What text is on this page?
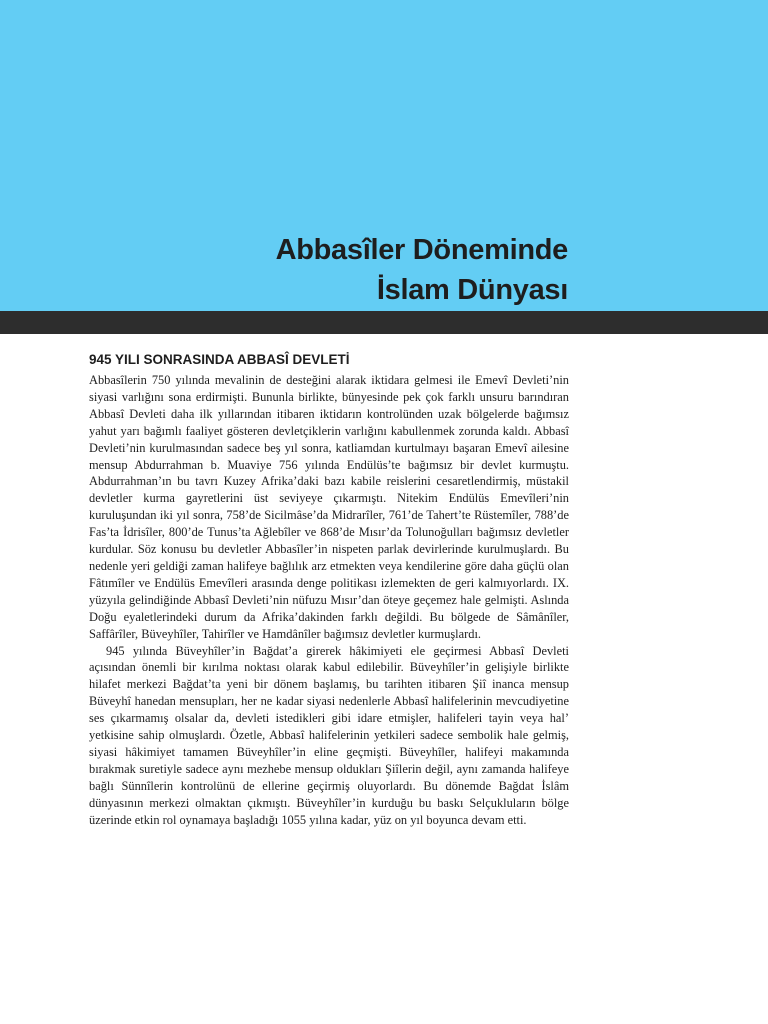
Abbasîler Döneminde
İslam Dünyası
945 YILI SONRASINDA ABBASÎ DEVLETİ

Abbasîlerin 750 yılında mevalinin de desteğini alarak iktidara gelmesi ile Emevî Devleti’nin siyasi varlığını sona erdirmişti. Bununla birlikte, bünyesinde pek çok farklı unsuru barındıran Abbasî Devleti daha ilk yıllarından itibaren iktidarın kontrolünden uzak bölgelerde bağımsız yahut yarı bağımlı faaliyet gösteren devletçiklerin varlığını kabullenmek zorunda kaldı. Abbasî Devleti’nin kurulmasından sadece beş yıl sonra, katliamdan kurtulmayı başaran Emevî ailesine mensup Abdurrahman b. Muaviye 756 yılında Endülüs’te bağımsız bir devlet kurmuştu. Abdurrahman’ın bu tavrı Kuzey Afrika’daki bazı kabile reislerini cesaretlendirmiş, müstakil devletler kurma gayretlerini üst seviyeye çıkarmıştı. Nitekim Endülüs Emevîleri’nin kuruluşundan iki yıl sonra, 758’de Sicilmâse’da Midrarîler, 761’de Tahert’te Rüstemîler, 788’de Fas’ta İdrisîler, 800’de Tunus’ta Ağlebîler ve 868’de Mısır’da Tolunoğulları bağımsız devletler kurdular. Söz konusu bu devletler Abbasîler’in nispeten parlak devirlerinde kurulmuşlardı. Bu nedenle yeri geldiği zaman halifeye bağlılık arz etmekten veya kendilerine göre daha güçlü olan Fâtımîler ve Endülüs Emevîleri arasında denge politikası izlemekten de geri kalmıyorlardı. IX. yüzyıla gelindiğinde Abbasî Devleti’nin nüfuzu Mısır’dan öteye geçemez hale gelmişti. Aslında Doğu eyaletlerindeki durum da Afrika’dakinden farklı değildi. Bu bölgede de Sâmânîler, Saffârîler, Büveyhîler, Tahirîler ve Hamdânîler bağımsız devletler kurmuşlardı.

945 yılında Büveyhîler’in Bağdat’a girerek hâkimiyeti ele geçirmesi Abbasî Devleti açısından önemli bir kırılma noktası olarak kabul edilebilir. Büveyhîler’in gelişiyle birlikte hilafet merkezi Bağdat’ta yeni bir dönem başlamış, bu tarihten itibaren Şiî inanca mensup Büveyhî hanedan mensupları, her ne kadar siyasi nedenlerle Abbasî halifelerinin mevcudiyetine ses çıkarmamış olsalar da, devleti istedikleri gibi idare etmişler, halifeleri tayin veya hal’ yetkisine sahip olmuşlardı. Özetle, Abbasî halifelerinin yetkileri sadece sembolik hale gelmiş, siyasi hâkimiyet tamamen Büveyhîler’in eline geçmişti. Büveyhîler, halifeyi makamında bırakmak suretiyle sadece aynı mezhebe mensup oldukları Şiîlerin değil, aynı zamanda halifeye bağlı Sünnîlerin kontrolünü de ellerine geçirmiş oluyorlardı. Bu dönemde Bağdat İslâm dünyasının merkezi olmaktan çıkmıştı. Büveyhîler’in kurduğu bu baskı Selçukluların bölge üzerinde etkin rol oynamaya başladığı 1055 yılına kadar, yüz on yıl boyunca devam etti.
